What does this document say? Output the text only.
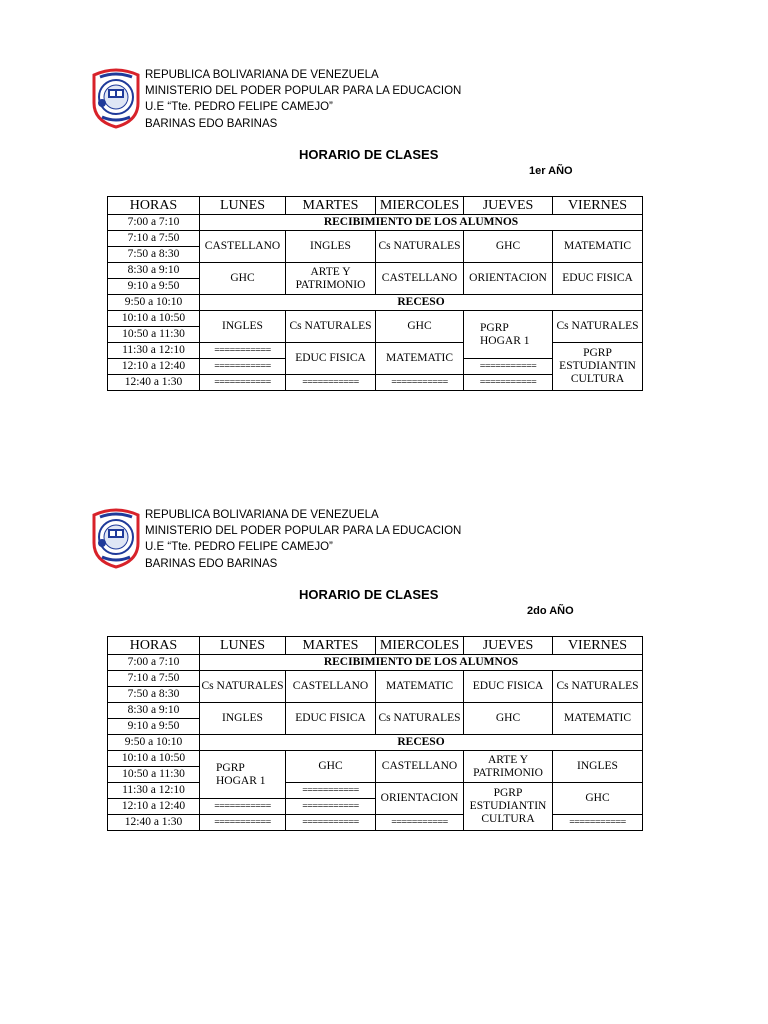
REPUBLICA BOLIVARIANA DE VENEZUELA
MINISTERIO DEL PODER POPULAR PARA LA EDUCACION
U.E “Tte. PEDRO FELIPE CAMEJO”
BARINAS EDO BARINAS
HORARIO DE CLASES
1er AÑO
HORAS	LUNES	MARTES	MIERCOLES	JUEVES	VIERNES
7:00 a 7:10	RECIBIMIENTO DE LOS ALUMNOS				
7:10 a 7:50	CASTELLANO	INGLES	Cs NATURALES	GHC	MATEMATIC
7:50 a 8:30					
8:30 a 9:10	GHC	ARTE Y PATRIMONIO	CASTELLANO	ORIENTACION	EDUC FISICA
9:10 a 9:50					
9:50 a 10:10	RECESO				
10:10 a 10:50	INGLES	Cs NATURALES	GHC	PGRP HOGAR 1	Cs NATURALES
10:50 a 11:30					
11:30 a 12:10	===========	EDUC FISICA	MATEMATIC		PGRP ESTUDIANTIN CULTURA
12:10 a 12:40	===========			===========	
12:40 a 1:30	===========	===========	===========	===========	
REPUBLICA BOLIVARIANA DE VENEZUELA
MINISTERIO DEL PODER POPULAR PARA LA EDUCACION
U.E “Tte. PEDRO FELIPE CAMEJO”
BARINAS EDO BARINAS
HORARIO DE CLASES
2do AÑO
HORAS	LUNES	MARTES	MIERCOLES	JUEVES	VIERNES
7:00 a 7:10	RECIBIMIENTO DE LOS ALUMNOS				
7:10 a 7:50	Cs NATURALES	CASTELLANO	MATEMATIC	EDUC FISICA	Cs NATURALES
7:50 a 8:30					
8:30 a 9:10	INGLES	EDUC FISICA	Cs NATURALES	GHC	MATEMATIC
9:10 a 9:50					
9:50 a 10:10	RECESO				
10:10 a 10:50	PGRP HOGAR 1	GHC	CASTELLANO	ARTE Y PATRIMONIO	INGLES
10:50 a 11:30					
11:30 a 12:10		===========	ORIENTACION	PGRP ESTUDIANTIN CULTURA	GHC
12:10 a 12:40	===========	===========			
12:40 a 1:30	===========	===========	===========		===========
